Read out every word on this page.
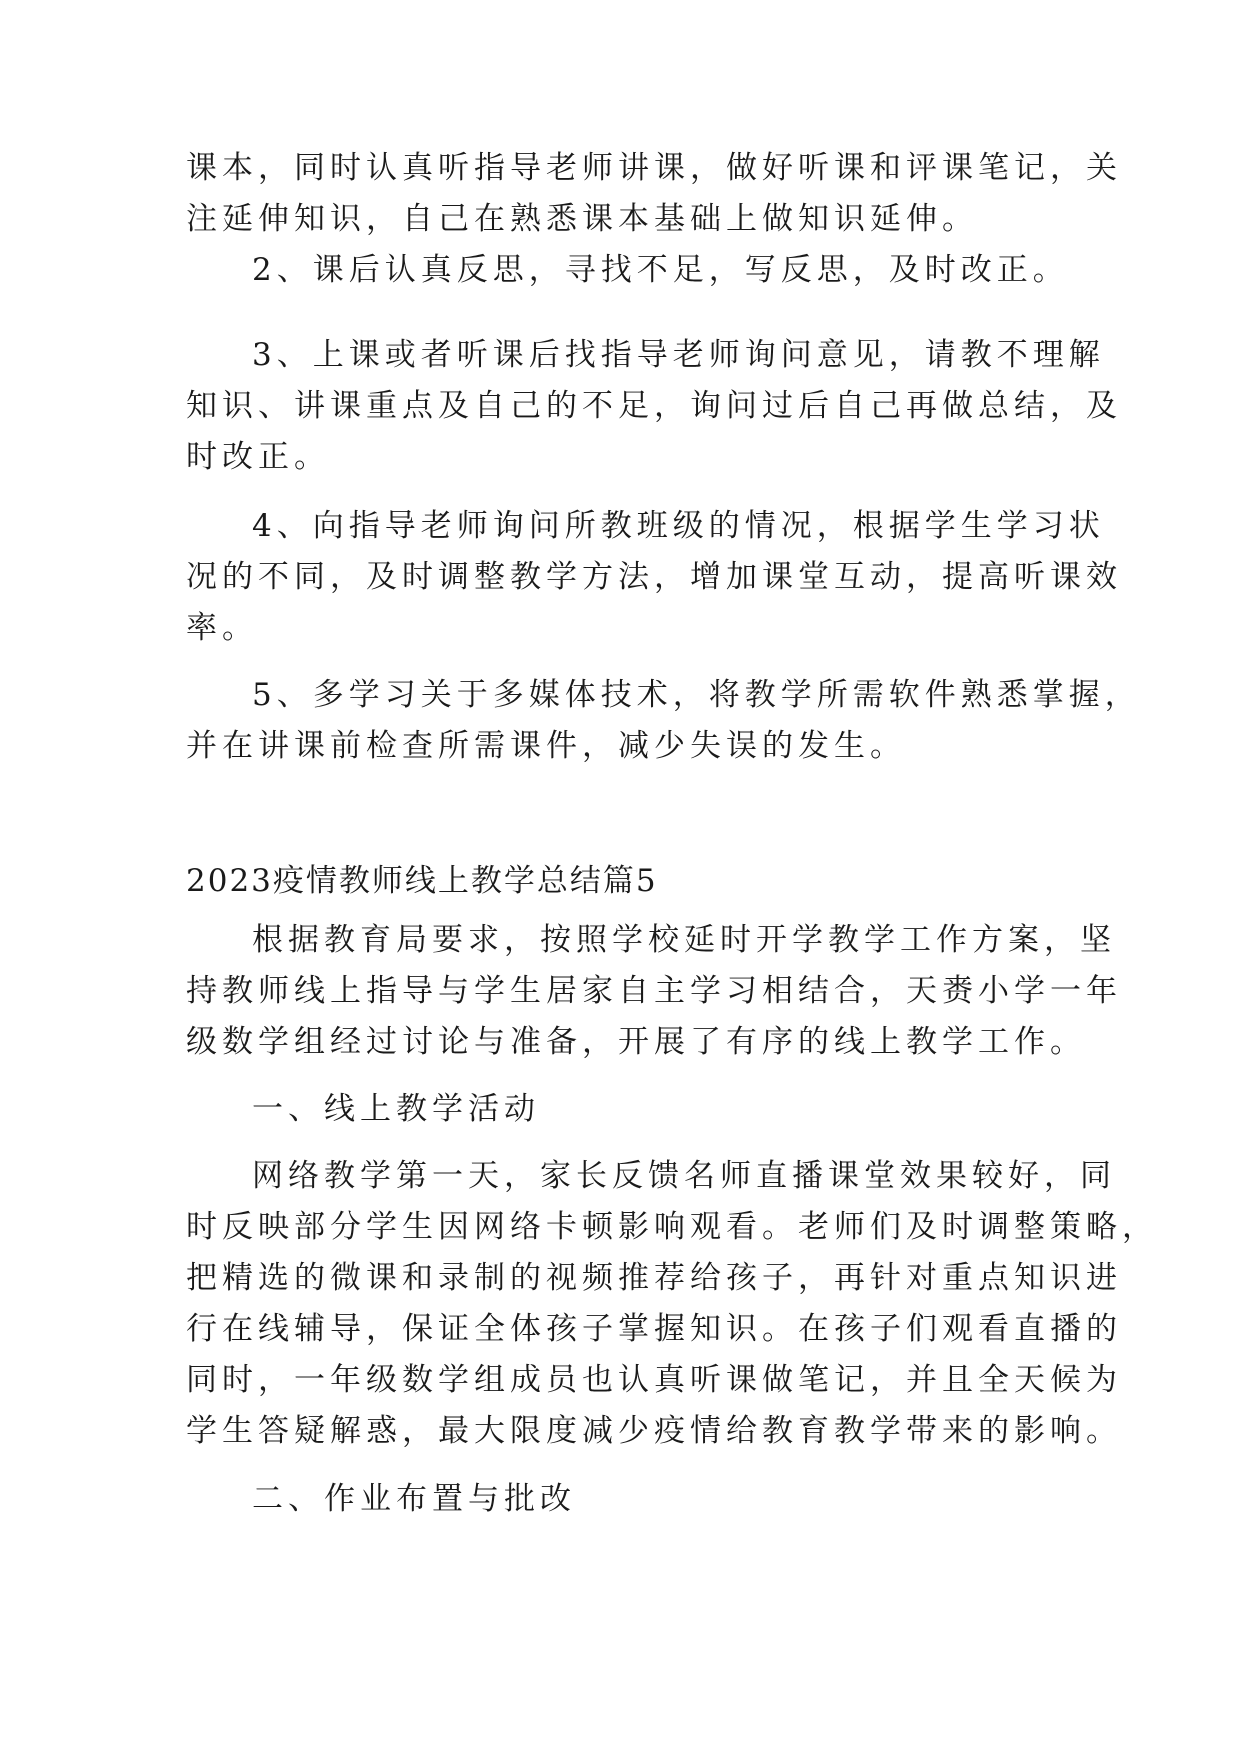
课本，同时认真听指导老师讲课，做好听课和评课笔记，关
注延伸知识，自己在熟悉课本基础上做知识延伸。
2、课后认真反思，寻找不足，写反思，及时改正。
3、上课或者听课后找指导老师询问意见，请教不理解
知识、讲课重点及自己的不足，询问过后自己再做总结，及
时改正。
4、向指导老师询问所教班级的情况，根据学生学习状
况的不同，及时调整教学方法，增加课堂互动，提高听课效
率。
5、多学习关于多媒体技术，将教学所需软件熟悉掌握，
并在讲课前检查所需课件，减少失误的发生。
2023疫情教师线上教学总结篇5
根据教育局要求，按照学校延时开学教学工作方案，坚
持教师线上指导与学生居家自主学习相结合，天赉小学一年
级数学组经过讨论与准备，开展了有序的线上教学工作。
一、线上教学活动
网络教学第一天，家长反馈名师直播课堂效果较好，同
时反映部分学生因网络卡顿影响观看。老师们及时调整策略，
把精选的微课和录制的视频推荐给孩子，再针对重点知识进
行在线辅导，保证全体孩子掌握知识。在孩子们观看直播的
同时，一年级数学组成员也认真听课做笔记，并且全天候为
学生答疑解惑，最大限度减少疫情给教育教学带来的影响。
二、作业布置与批改
